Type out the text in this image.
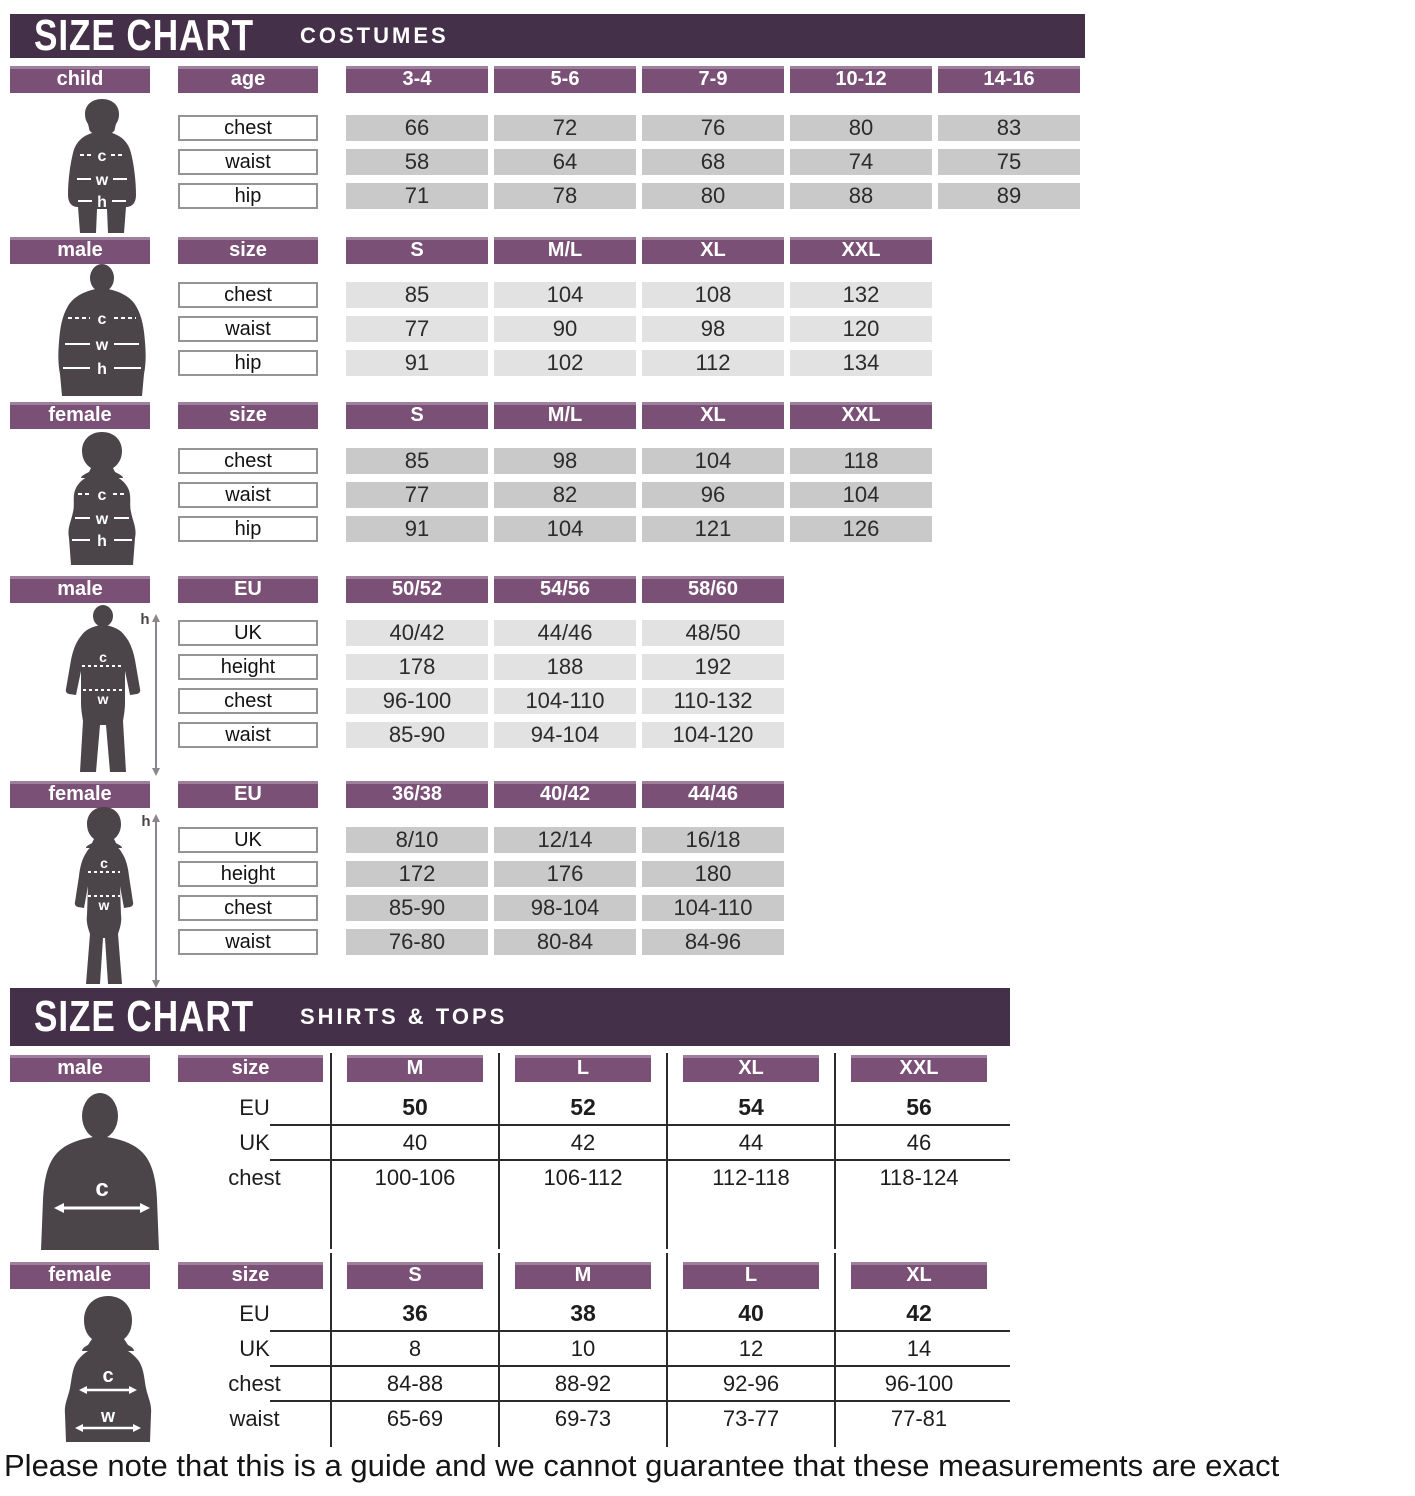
SIZE CHART COSTUMES
child	age	3-4	5-6	7-9	10-12	14-16
chest	66	72	76	80	83
waist	58	64	68	74	75
hip	71	78	80	88	89
male	size	S	M/L	XL	XXL
chest	85	104	108	132
waist	77	90	98	120
hip	91	102	112	134
female	size	S	M/L	XL	XXL
chest	85	98	104	118
waist	77	82	96	104
hip	91	104	121	126
male	EU	50/52	54/56	58/60
UK	40/42	44/46	48/50
height	178	188	192
chest	96-100	104-110	110-132
waist	85-90	94-104	104-120
female	EU	36/38	40/42	44/46
UK	8/10	12/14	16/18
height	172	176	180
chest	85-90	98-104	104-110
waist	76-80	80-84	84-96
SIZE CHART SHIRTS & TOPS
male	size	M	L	XL	XXL
EU	50	52	54	56
UK	40	42	44	46
chest	100-106	106-112	112-118	118-124
female	size	S	M	L	XL
EU	36	38	40	42
UK	8	10	12	14
chest	84-88	88-92	92-96	96-100
waist	65-69	69-73	73-77	77-81
c
w
h
c
w
h
c
w
h
h
c
w
h
c
w
c
c
w

Please note that this is a guide and we cannot guarantee that these measurements are exact
